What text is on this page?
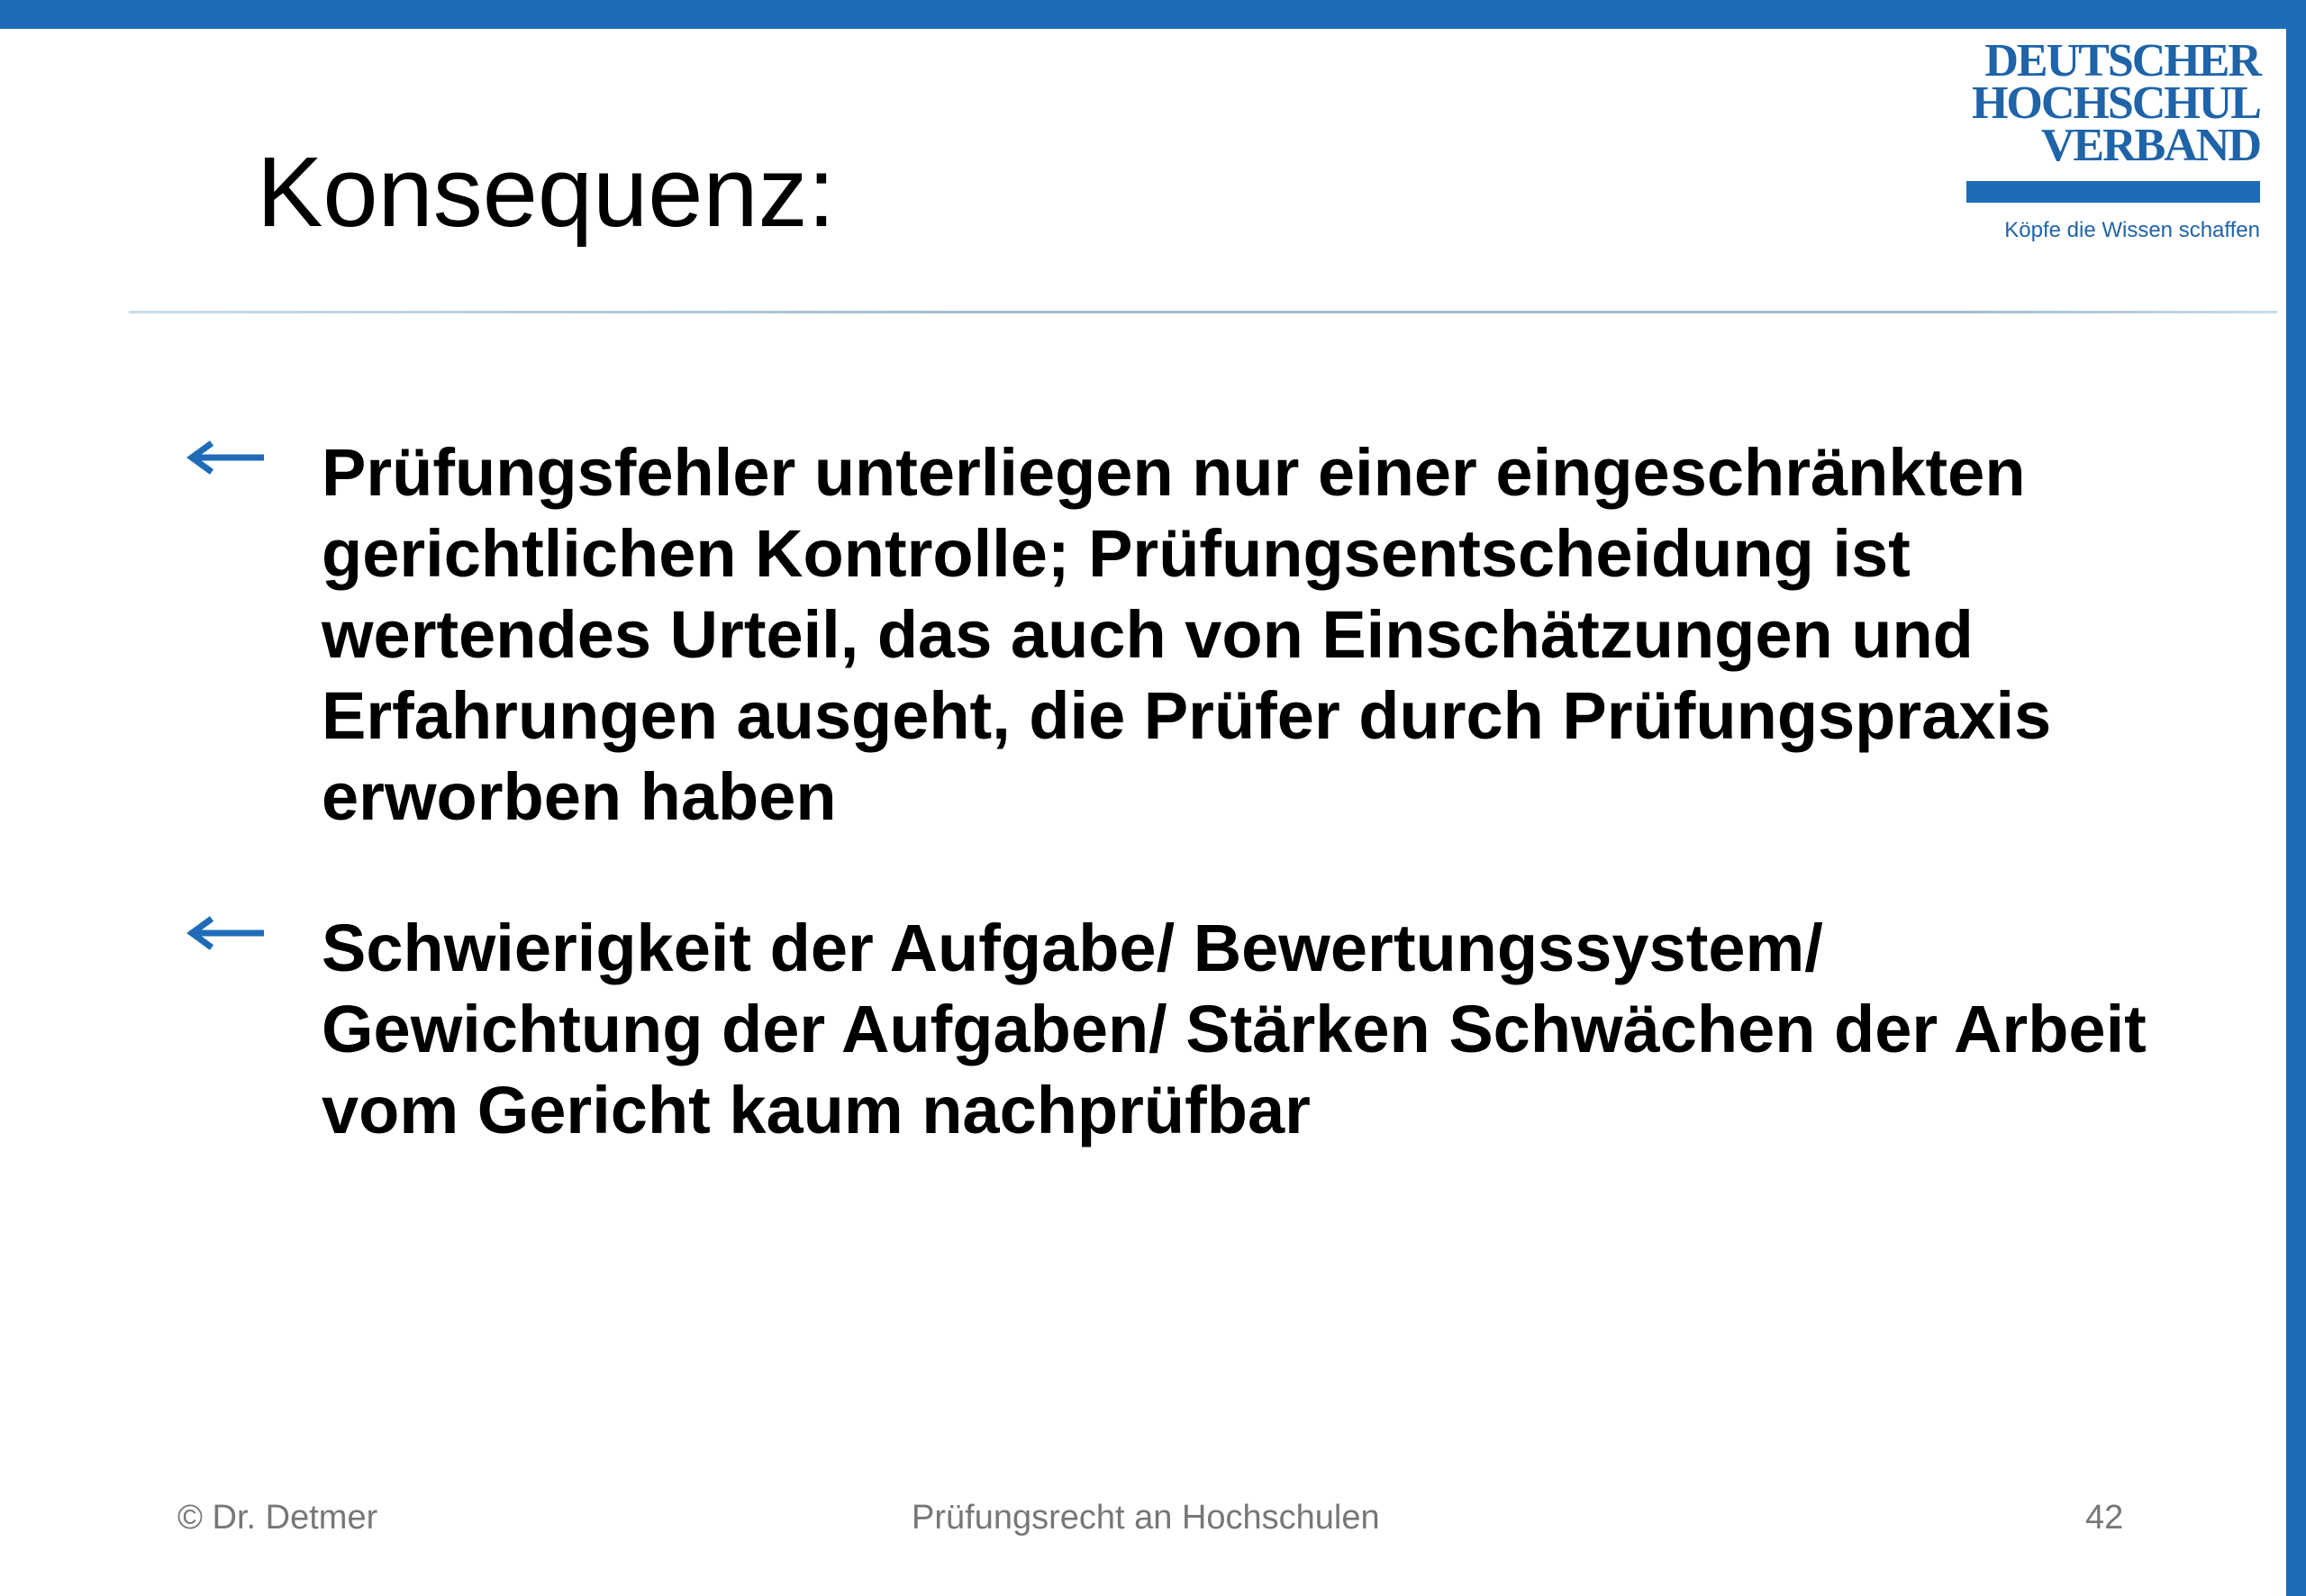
Konsequenz:
DEUTSCHER
HOCHSCHUL
VERBAND
Köpfe die Wissen schaffen
Prüfungsfehler unterliegen nur einer eingeschränkten gerichtlichen Kontrolle; Prüfungsentscheidung ist wertendes Urteil, das auch von Einschätzungen und Erfahrungen ausgeht, die Prüfer durch Prüfungspraxis erworben haben
Schwierigkeit der Aufgabe/ Bewertungssystem/ Gewichtung der Aufgaben/ Stärken Schwächen der Arbeit vom Gericht kaum nachprüfbar
© Dr. Detmer	Prüfungsrecht an Hochschulen	42
